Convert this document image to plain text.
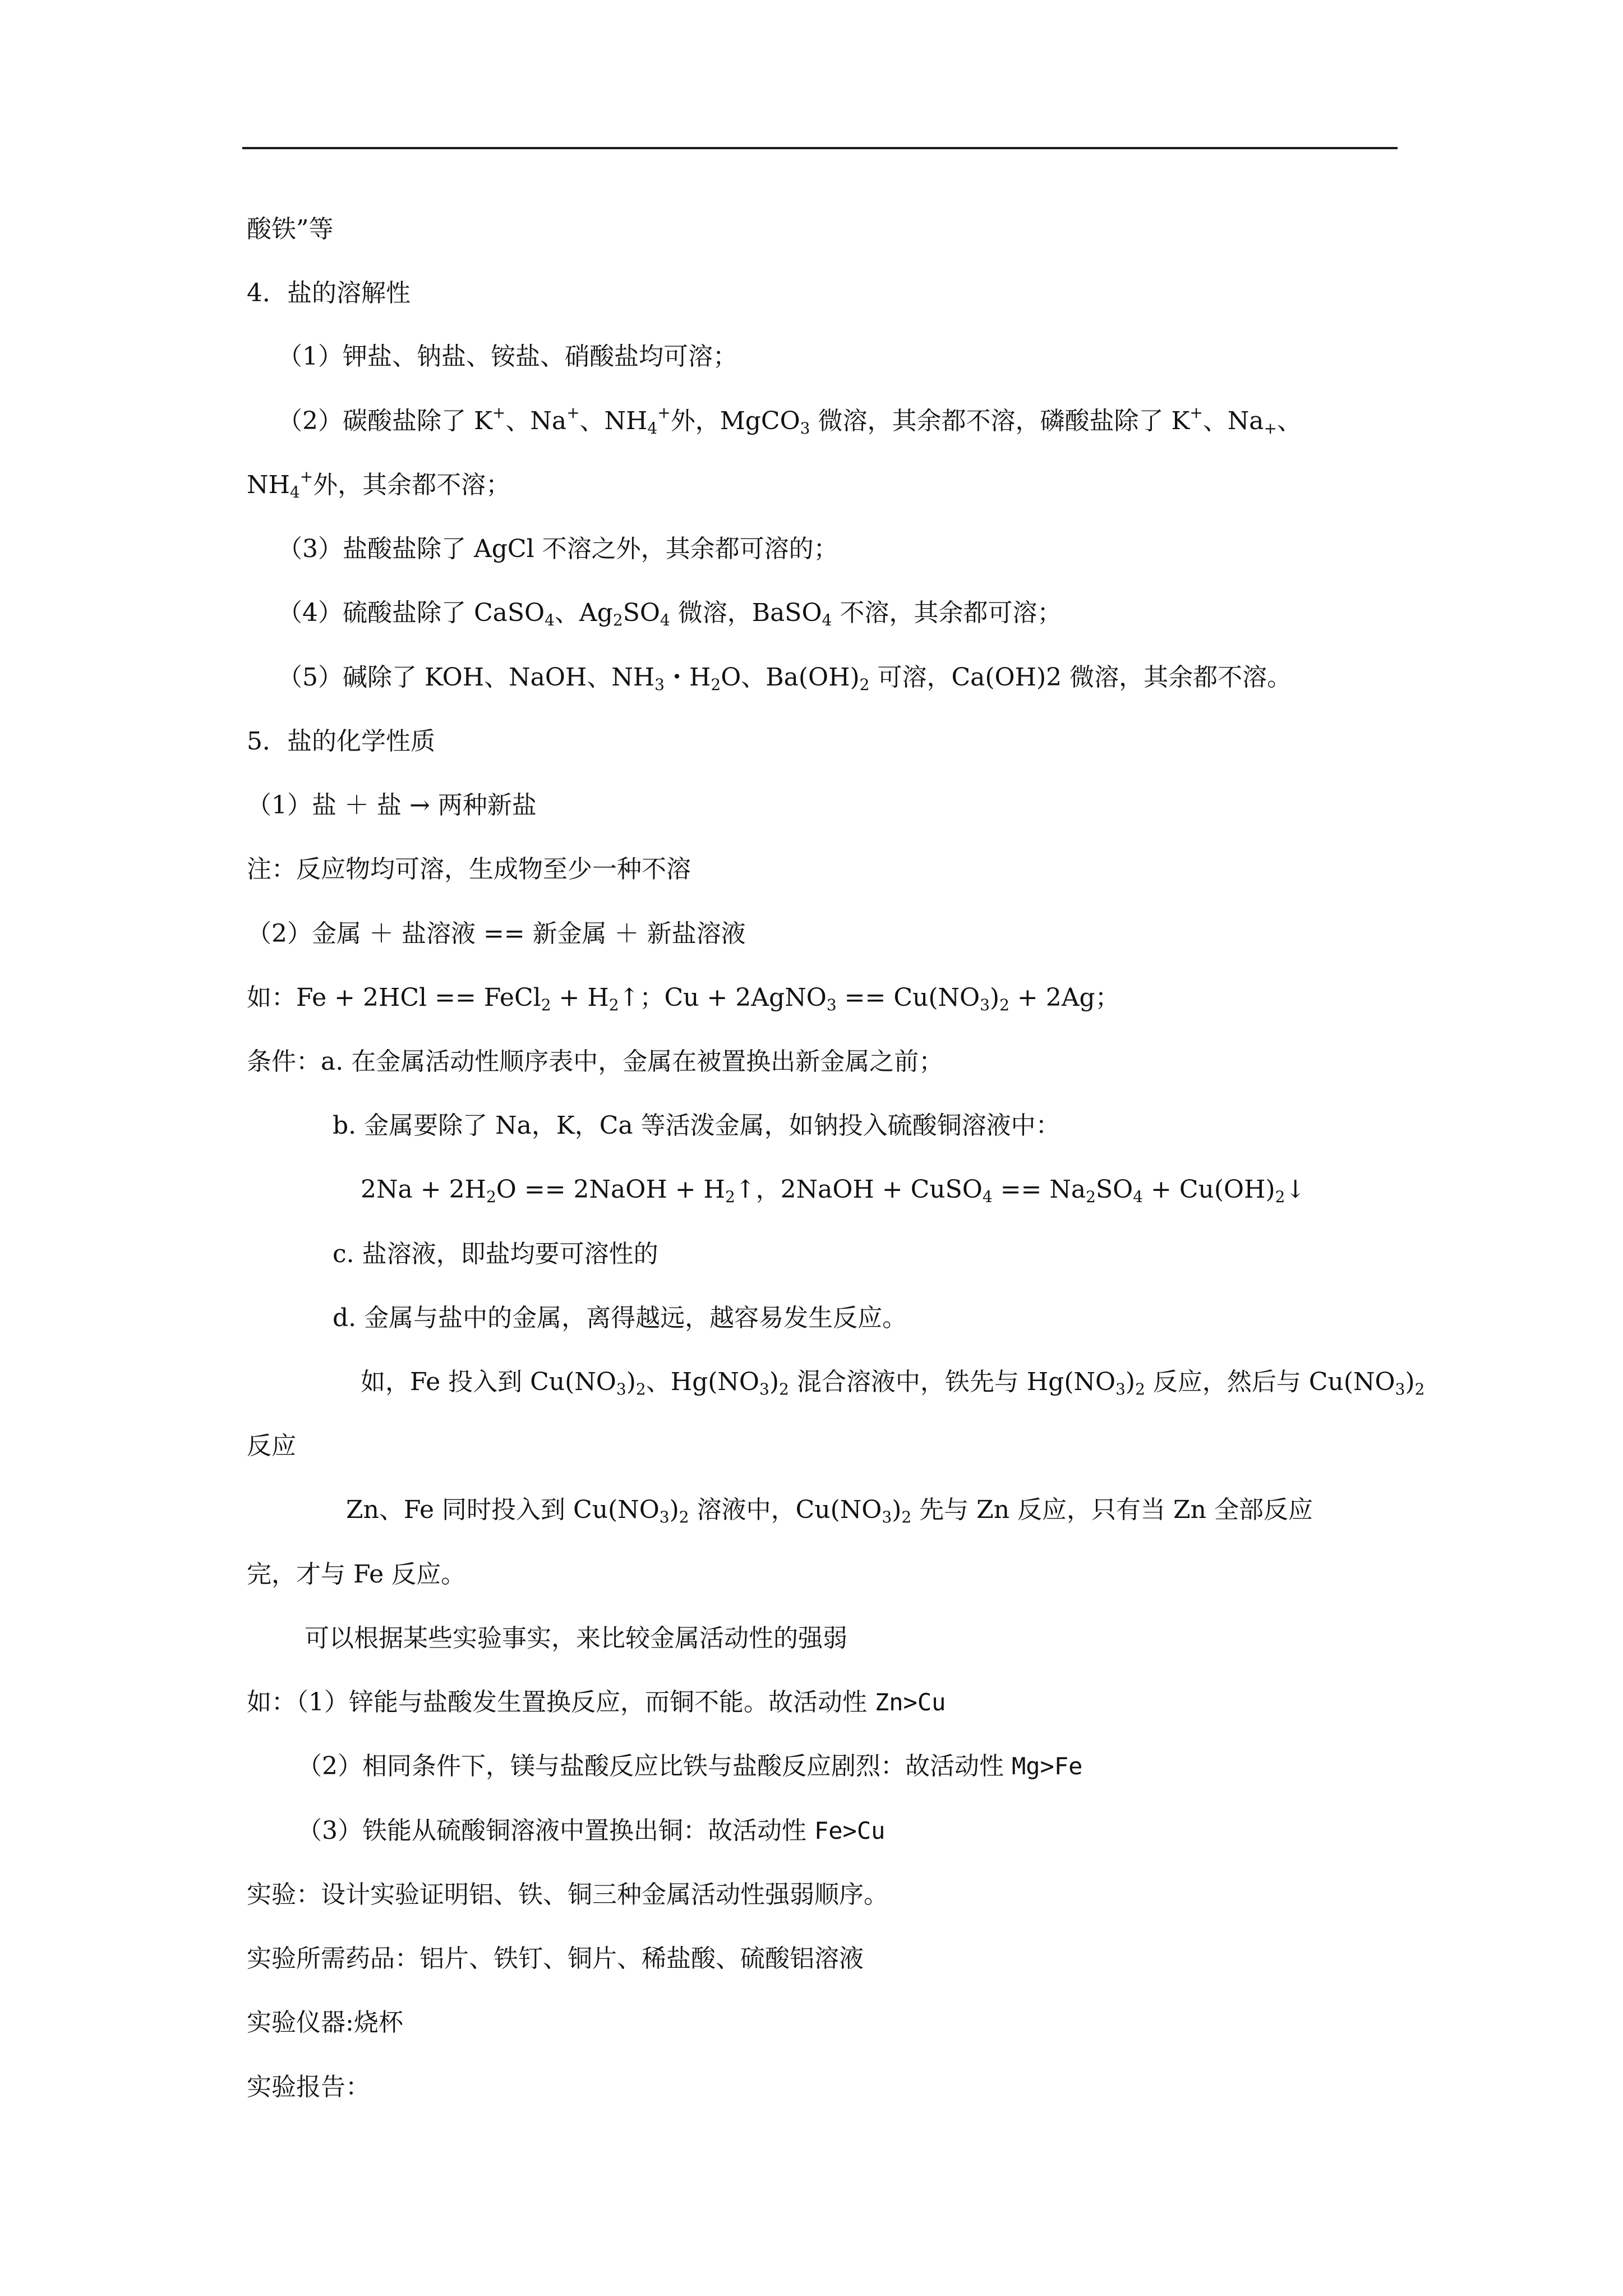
酸铁”等
4．盐的溶解性
（1）钾盐、钠盐、铵盐、硝酸盐均可溶；
（2）碳酸盐除了 K+、Na+、$NH_4^+$外，MgCO$_3$ 微溶，其余都不溶，磷酸盐除了 K+、$Na_+$、
$NH_4^+$外，其余都不溶；
（3）盐酸盐除了 AgCl 不溶之外，其余都可溶的；
（4）硫酸盐除了 CaSO$_4$、$Ag_2SO_4$ 微溶，BaSO$_4$ 不溶，其余都可溶；
（5）碱除了 KOH、NaOH、$NH_3$・$H_2O$、$Ba(OH)_2$ 可溶，Ca(OH)2 微溶，其余都不溶。
5．盐的化学性质
（1）盐 ＋ 盐 → 两种新盐
注：反应物均可溶，生成物至少一种不溶
（2）金属 ＋ 盐溶液 == 新金属 ＋ 新盐溶液
如：Fe + 2HCl == FeCl$_2$ + $H_2↑$；Cu + 2AgNO$_3$ == $Cu(NO_3)_2 + 2Ag$；
条件：a. 在金属活动性顺序表中，金属在被置换出新金属之前；
b. 金属要除了 Na，K，Ca 等活泼金属，如钠投入硫酸铜溶液中：
$2Na + 2H_2O$ == 2NaOH + $H_2↑$，2NaOH + CuSO$_4$ == $Na_2SO_4$ + $Cu(OH)_2↓$
c. 盐溶液，即盐均要可溶性的
d. 金属与盐中的金属，离得越远，越容易发生反应。
如，Fe 投入到 $Cu(NO_3)_2$、$Hg(NO_3)_2$ 混合溶液中，铁先与 $Hg(NO_3)_2$ 反应，然后与 $Cu(NO_3)_2$
反应
Zn、Fe 同时投入到 $Cu(NO_3)_2$ 溶液中，$Cu(NO_3)_2$ 先与 Zn 反应，只有当 Zn 全部反应
完，才与 Fe 反应。
可以根据某些实验事实，来比较金属活动性的强弱
如：（1）锌能与盐酸发生置换反应，而铜不能。故活动性 Zn>Cu
（2）相同条件下，镁与盐酸反应比铁与盐酸反应剧烈：故活动性 Mg>Fe
（3）铁能从硫酸铜溶液中置换出铜：故活动性 Fe>Cu
实验：设计实验证明铝、铁、铜三种金属活动性强弱顺序。
实验所需药品：铝片、铁钉、铜片、稀盐酸、硫酸铝溶液
实验仪器:烧杯
实验报告：
